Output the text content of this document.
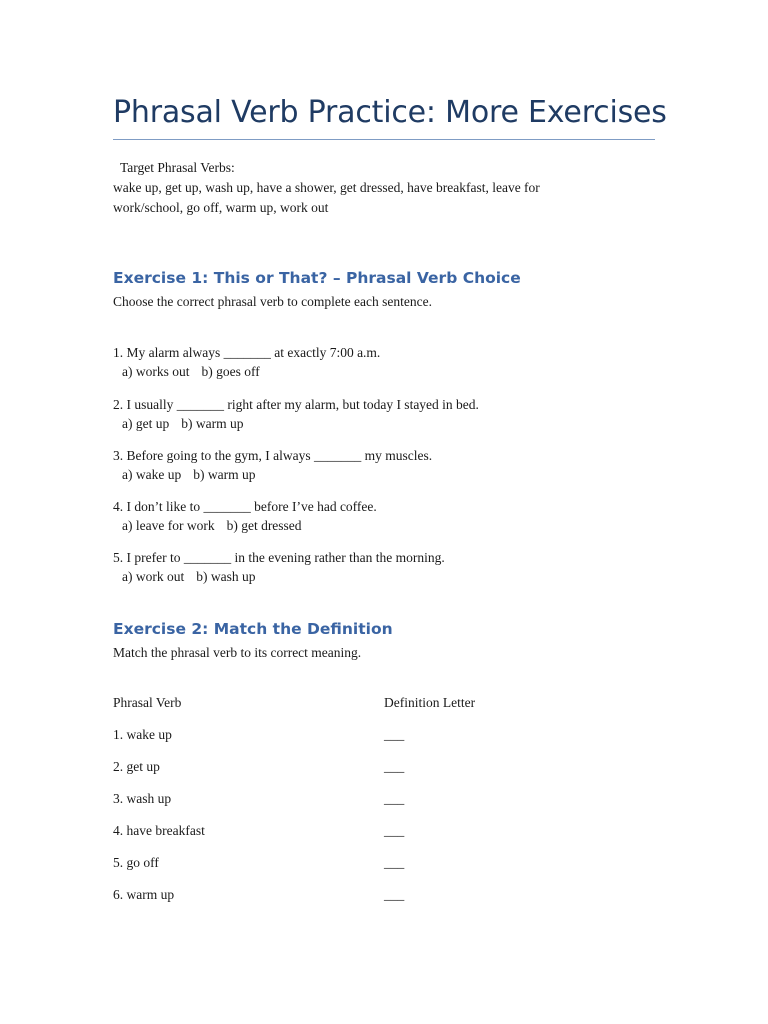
Phrasal Verb Practice: More Exercises
Target Phrasal Verbs:
wake up, get up, wash up, have a shower, get dressed, have breakfast, leave for work/school, go off, warm up, work out
Exercise 1: This or That? – Phrasal Verb Choice
Choose the correct phrasal verb to complete each sentence.
1. My alarm always _______ at exactly 7:00 a.m.
a) works out b) goes off
2. I usually _______ right after my alarm, but today I stayed in bed.
a) get up b) warm up
3. Before going to the gym, I always _______ my muscles.
a) wake up b) warm up
4. I don’t like to _______ before I’ve had coffee.
a) leave for work b) get dressed
5. I prefer to _______ in the evening rather than the morning.
a) work out b) wash up
Exercise 2: Match the Definition
Match the phrasal verb to its correct meaning.
Phrasal Verb	Definition Letter
1. wake up	___
2. get up	___
3. wash up	___
4. have breakfast	___
5. go off	___
6. warm up	___
